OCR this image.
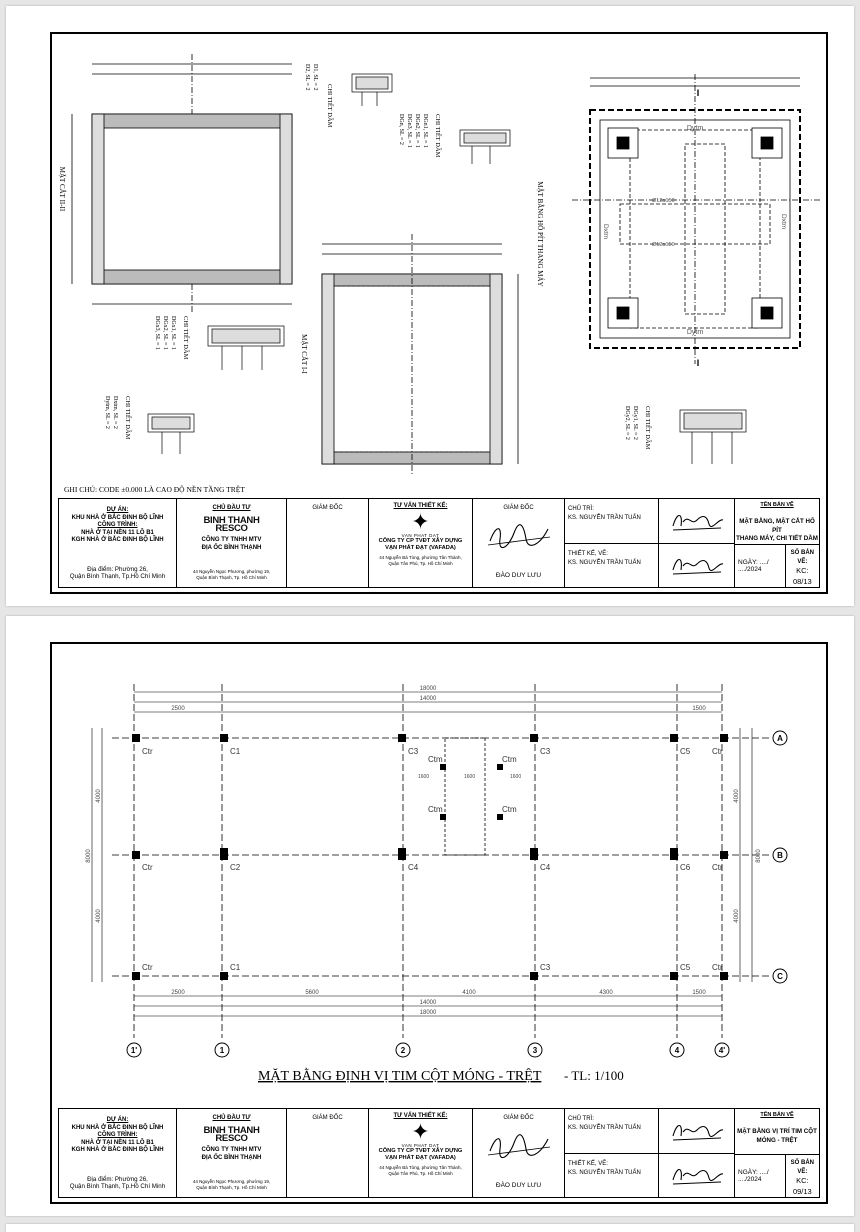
MẶT CẮT II-II
CHI TIẾT DẦM
D1, SL = 2
D2, SL = 2
CHI TIẾT DẦM
DGn1, SL = 1
DGn2, SL = 1
DGn3, SL = 1
DGn, SL = 2
MẶT CẮT I-I
CHI TIẾT DẦM
DGx1, SL = 1
DGx2, SL = 1
DGx3, SL = 1
CHI TIẾT DẦM
Dxtm, SL = 2
Dytm, SL = 2
Dytm
Dytm
Dxtm
Dxtm
Ø12a150
Ø12a150
MẶT BẰNG HỐ PÍT THANG MÁY
I
I
CHI TIẾT DẦM
DGy1, SL = 2
DGy2, SL = 2
GHI CHÚ: CODE ±0.000 LÀ CAO ĐỘ NỀN TẦNG TRỆT
DỰ ÁN:
KHU NHÀ Ở BẮC ĐINH BỘ LĨNH
CÔNG TRÌNH:
NHÀ Ở TẠI NỀN 11 LÔ B1
KGH NHÀ Ở BẮC ĐINH BỘ LĨNH
Địa điểm: Phường 26,
Quận Bình Thạnh, Tp.Hồ Chí Minh
CHỦ ĐẦU TƯ
BINH THANH
RESCO
CÔNG TY TNHH MTV
ĐỊA ỐC BÌNH THẠNH
44 Nguyễn Ngọc Phương, phường 19,
Quận Bình Thạnh, Tp. Hồ Chí Minh
GIÁM ĐỐC	TƯ VẤN THIẾT KẾ:
✦
VAN PHAT DAT
CÔNG TY CP TVĐT XÂY DỰNG
VẠN PHÁT ĐẠT (VAFADA)
44 Nguyễn Bá Tòng, phường Tân Thành,
Quận Tân Phú, Tp. Hồ Chí Minh
GIÁM ĐỐC
ĐÀO DUY LƯU
CHỦ TRÌ:
KS. NGUYỄN TRẦN TUẤN
THIẾT KẾ, VẼ:
KS. NGUYỄN TRẦN TUẤN
TÊN BẢN VẼ
MẶT BẰNG, MẶT CẮT HỐ PÍT
THANG MÁY, CHI TIẾT DẦM
NGÀY: ..../ ..../2024
SỐ BẢN VẼ:
KC: 08/13
18000
14000
2500	1500
2500	5600	4100	4300	1500
14000
18000
4000
4000
8000
4000
4000
8000
Ctr	C1	C3	C3	C5	Ctr
Ctr	C2	C4	C4	C6	Ctr
Ctr	C1	C3	C5	Ctr
Ctm	Ctm
Ctm	Ctm
1600	1600	1600
1'	1	2	3	4	4'
A
B
C
MẶT BẰNG ĐỊNH VỊ TIM CỘT MÓNG - TRỆT - TL: 1/100
DỰ ÁN:
KHU NHÀ Ở BẮC ĐINH BỘ LĨNH
CÔNG TRÌNH:
NHÀ Ở TẠI NỀN 11 LÔ B1
KGH NHÀ Ở BẮC ĐINH BỘ LĨNH
Địa điểm: Phường 26,
Quận Bình Thạnh, Tp.Hồ Chí Minh
CHỦ ĐẦU TƯ
BINH THANH
RESCO
CÔNG TY TNHH MTV
ĐỊA ỐC BÌNH THẠNH
44 Nguyễn Ngọc Phương, phường 19,
Quận Bình Thạnh, Tp. Hồ Chí Minh
GIÁM ĐỐC	TƯ VẤN THIẾT KẾ:
✦
VAN PHAT DAT
CÔNG TY CP TVĐT XÂY DỰNG
VẠN PHÁT ĐẠT (VAFADA)
44 Nguyễn Bá Tòng, phường Tân Thành,
Quận Tân Phú, Tp. Hồ Chí Minh
GIÁM ĐỐC
ĐÀO DUY LƯU
CHỦ TRÌ:
KS. NGUYỄN TRẦN TUẤN
THIẾT KẾ, VẼ:
KS. NGUYỄN TRẦN TUẤN
TÊN BẢN VẼ
MẶT BẰNG VỊ TRÍ TIM CỘT
MÓNG - TRỆT
NGÀY: ..../ ..../2024
SỐ BẢN VẼ:
KC: 09/13
